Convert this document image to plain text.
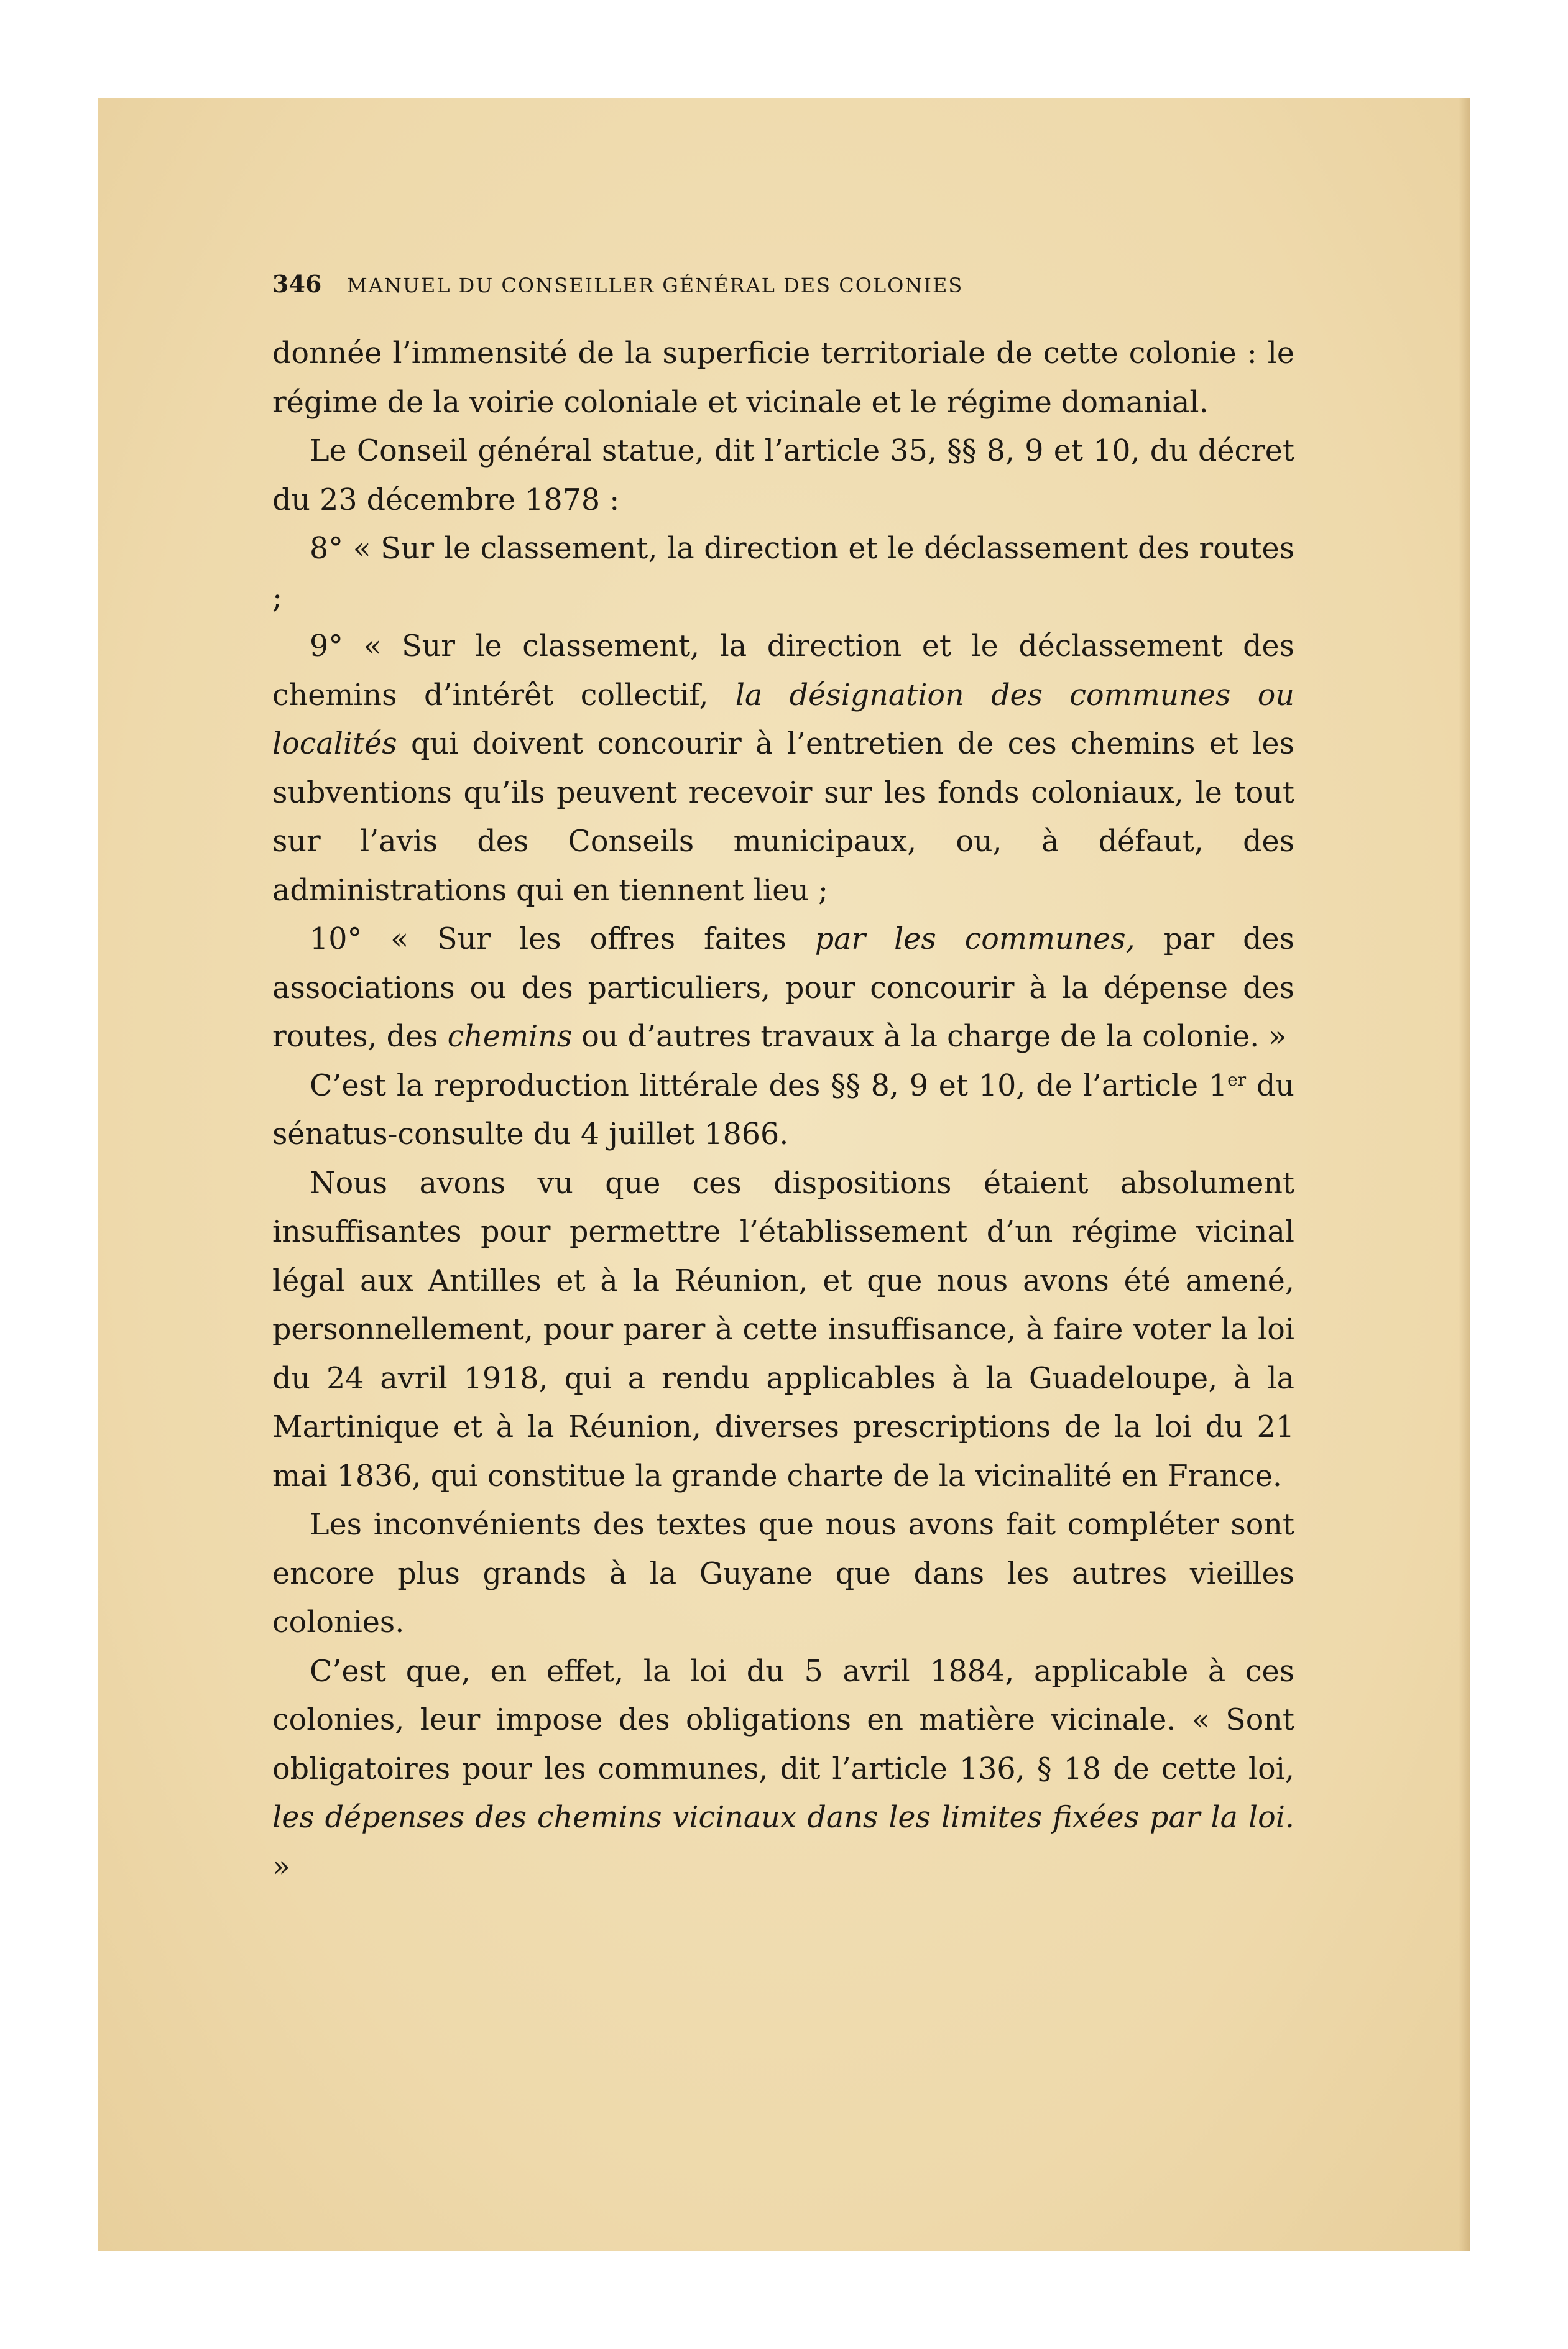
346 MANUEL DU CONSEILLER GÉNÉRAL DES COLONIES

donnée l’immensité de la superficie territoriale de cette colonie : le régime de la voirie coloniale et vicinale et le régime domanial.

Le Conseil général statue, dit l’article 35, §§ 8, 9 et 10, du décret du 23 décembre 1878 :

8° « Sur le classement, la direction et le déclassement des routes ;

9° « Sur le classement, la direction et le déclassement des chemins d’intérêt collectif, la désignation des communes ou localités qui doivent concourir à l’entretien de ces chemins et les subventions qu’ils peuvent recevoir sur les fonds coloniaux, le tout sur l’avis des Conseils municipaux, ou, à défaut, des administrations qui en tiennent lieu ;

10° « Sur les offres faites par les communes, par des associations ou des particuliers, pour concourir à la dépense des routes, des chemins ou d’autres travaux à la charge de la colonie. »

C’est la reproduction littérale des §§ 8, 9 et 10, de l’article 1er du sénatus-consulte du 4 juillet 1866.

Nous avons vu que ces dispositions étaient absolument insuffisantes pour permettre l’établissement d’un régime vicinal légal aux Antilles et à la Réunion, et que nous avons été amené, personnellement, pour parer à cette insuffisance, à faire voter la loi du 24 avril 1918, qui a rendu applicables à la Guadeloupe, à la Martinique et à la Réunion, diverses prescriptions de la loi du 21 mai 1836, qui constitue la grande charte de la vicinalité en France.

Les inconvénients des textes que nous avons fait compléter sont encore plus grands à la Guyane que dans les autres vieilles colonies.

C’est que, en effet, la loi du 5 avril 1884, applicable à ces colonies, leur impose des obligations en matière vicinale. « Sont obligatoires pour les communes, dit l’article 136, § 18 de cette loi, les dépenses des chemins vicinaux dans les limites fixées par la loi. »
